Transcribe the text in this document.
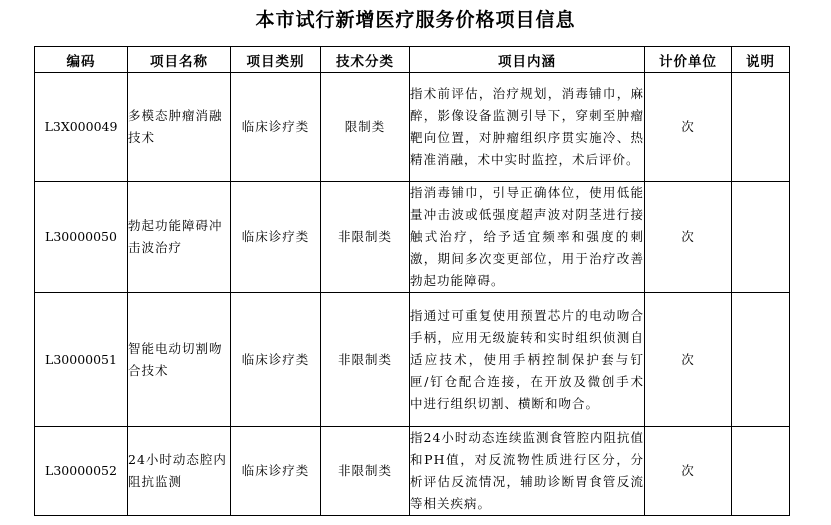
本市试行新增医疗服务价格项目信息
编码	项目名称	项目类别	技术分类	项目内涵	计价单位	说明
L3X000049	多模态肿瘤消融技术	临床诊疗类	限制类	指术前评估，治疗规划，消毒铺巾，麻醉，影像设备监测引导下，穿刺至肿瘤靶向位置，对肿瘤组织序贯实施冷、热精准消融，术中实时监控，术后评价。	次	
L30000050	勃起功能障碍冲击波治疗	临床诊疗类	非限制类	指消毒铺巾，引导正确体位，使用低能量冲击波或低强度超声波对阴茎进行接触式治疗，给予适宜频率和强度的刺激，期间多次变更部位，用于治疗改善勃起功能障碍。	次	
L30000051	智能电动切割吻合技术	临床诊疗类	非限制类	指通过可重复使用预置芯片的电动吻合手柄，应用无级旋转和实时组织侦测自适应技术，使用手柄控制保护套与钉匣/钉仓配合连接，在开放及微创手术中进行组织切割、横断和吻合。	次	
L30000052	24小时动态腔内阻抗监测	临床诊疗类	非限制类	指24小时动态连续监测食管腔内阻抗值和PH值，对反流物性质进行区分，分析评估反流情况，辅助诊断胃食管反流等相关疾病。	次	
